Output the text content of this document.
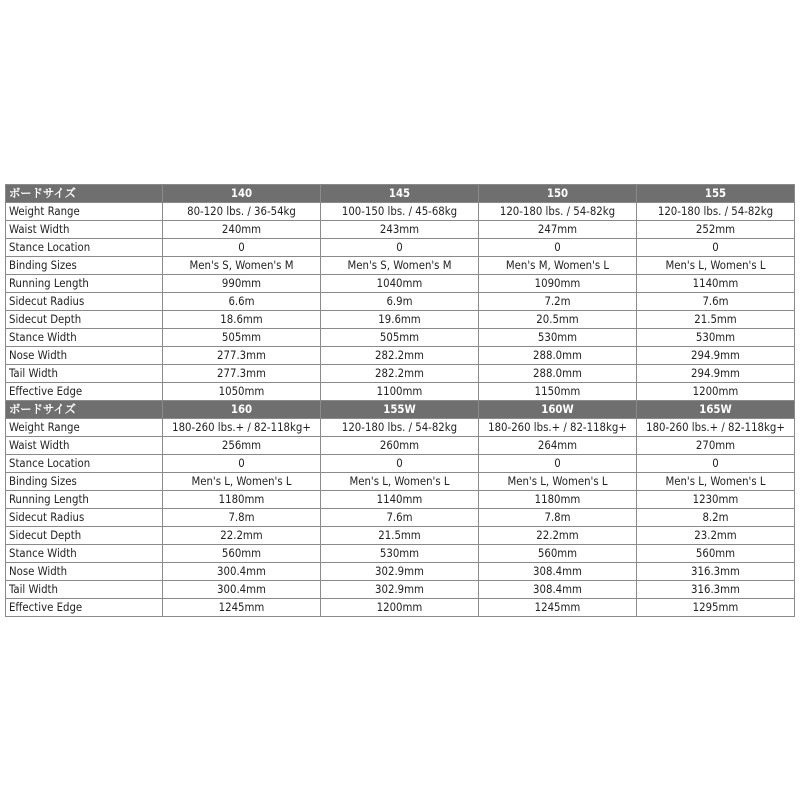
ボードサイズ	140	145	150	155
Weight Range	80-120 lbs. / 36-54kg	100-150 lbs. / 45-68kg	120-180 lbs. / 54-82kg	120-180 lbs. / 54-82kg
Waist Width	240mm	243mm	247mm	252mm
Stance Location	0	0	0	0
Binding Sizes	Men's S, Women's M	Men's S, Women's M	Men's M, Women's L	Men's L, Women's L
Running Length	990mm	1040mm	1090mm	1140mm
Sidecut Radius	6.6m	6.9m	7.2m	7.6m
Sidecut Depth	18.6mm	19.6mm	20.5mm	21.5mm
Stance Width	505mm	505mm	530mm	530mm
Nose Width	277.3mm	282.2mm	288.0mm	294.9mm
Tail Width	277.3mm	282.2mm	288.0mm	294.9mm
Effective Edge	1050mm	1100mm	1150mm	1200mm
ボードサイズ	160	155W	160W	165W
Weight Range	180-260 lbs.+ / 82-118kg+	120-180 lbs. / 54-82kg	180-260 lbs.+ / 82-118kg+	180-260 lbs.+ / 82-118kg+
Waist Width	256mm	260mm	264mm	270mm
Stance Location	0	0	0	0
Binding Sizes	Men's L, Women's L	Men's L, Women's L	Men's L, Women's L	Men's L, Women's L
Running Length	1180mm	1140mm	1180mm	1230mm
Sidecut Radius	7.8m	7.6m	7.8m	8.2m
Sidecut Depth	22.2mm	21.5mm	22.2mm	23.2mm
Stance Width	560mm	530mm	560mm	560mm
Nose Width	300.4mm	302.9mm	308.4mm	316.3mm
Tail Width	300.4mm	302.9mm	308.4mm	316.3mm
Effective Edge	1245mm	1200mm	1245mm	1295mm
